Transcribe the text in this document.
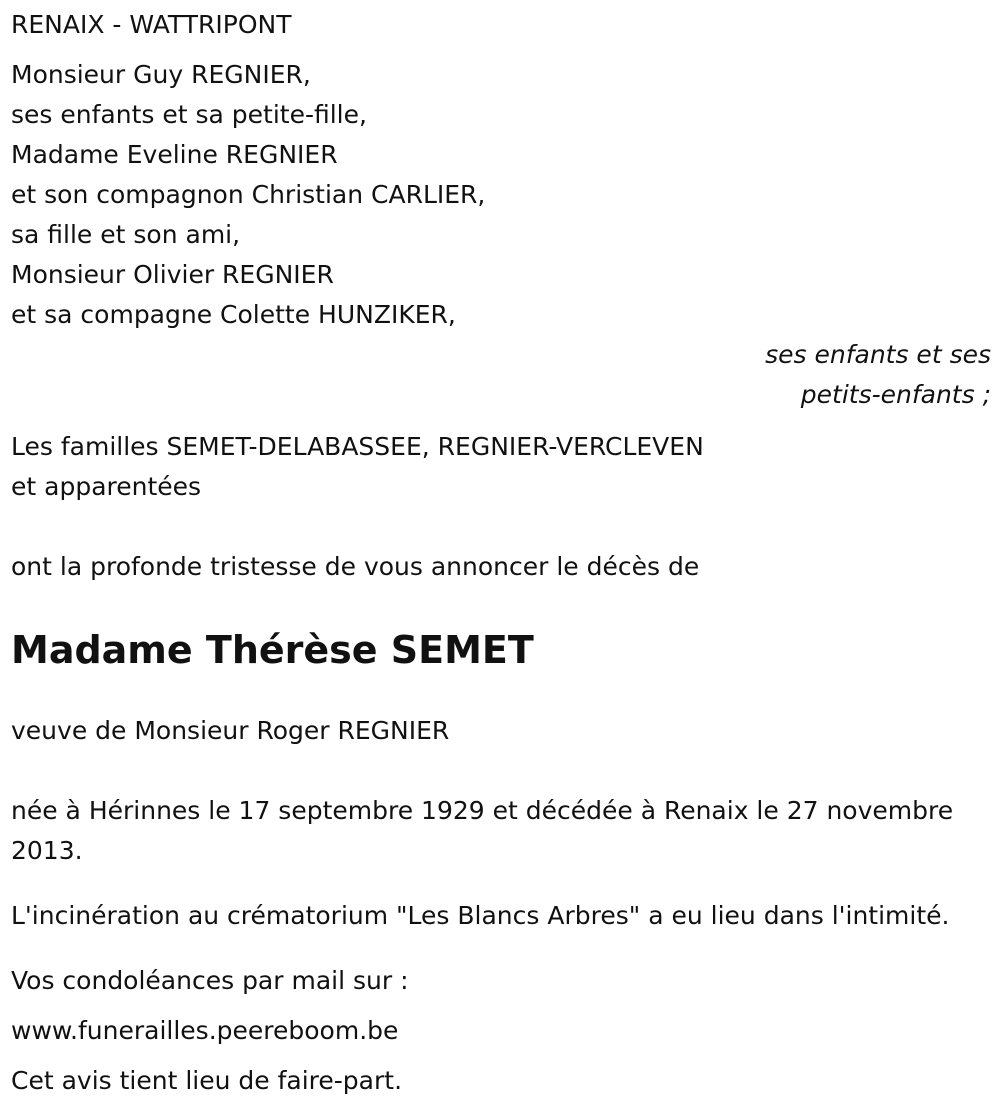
RENAIX - WATTRIPONT

Monsieur Guy REGNIER,

ses enfants et sa petite-fille,

Madame Eveline REGNIER

et son compagnon Christian CARLIER,

sa fille et son ami,

Monsieur Olivier REGNIER

et sa compagne Colette HUNZIKER,

ses enfants et ses

petits-enfants ;

Les familles SEMET-DELABASSEE, REGNIER-VERCLEVEN

et apparentées

ont la profonde tristesse de vous annoncer le décès de

Madame Thérèse SEMET

veuve de Monsieur Roger REGNIER

née à Hérinnes le 17 septembre 1929 et décédée à Renaix le 27 novembre 2013.

L'incinération au crématorium "Les Blancs Arbres" a eu lieu dans l'intimité.

Vos condoléances par mail sur :

www.funerailles.peereboom.be

Cet avis tient lieu de faire-part.
